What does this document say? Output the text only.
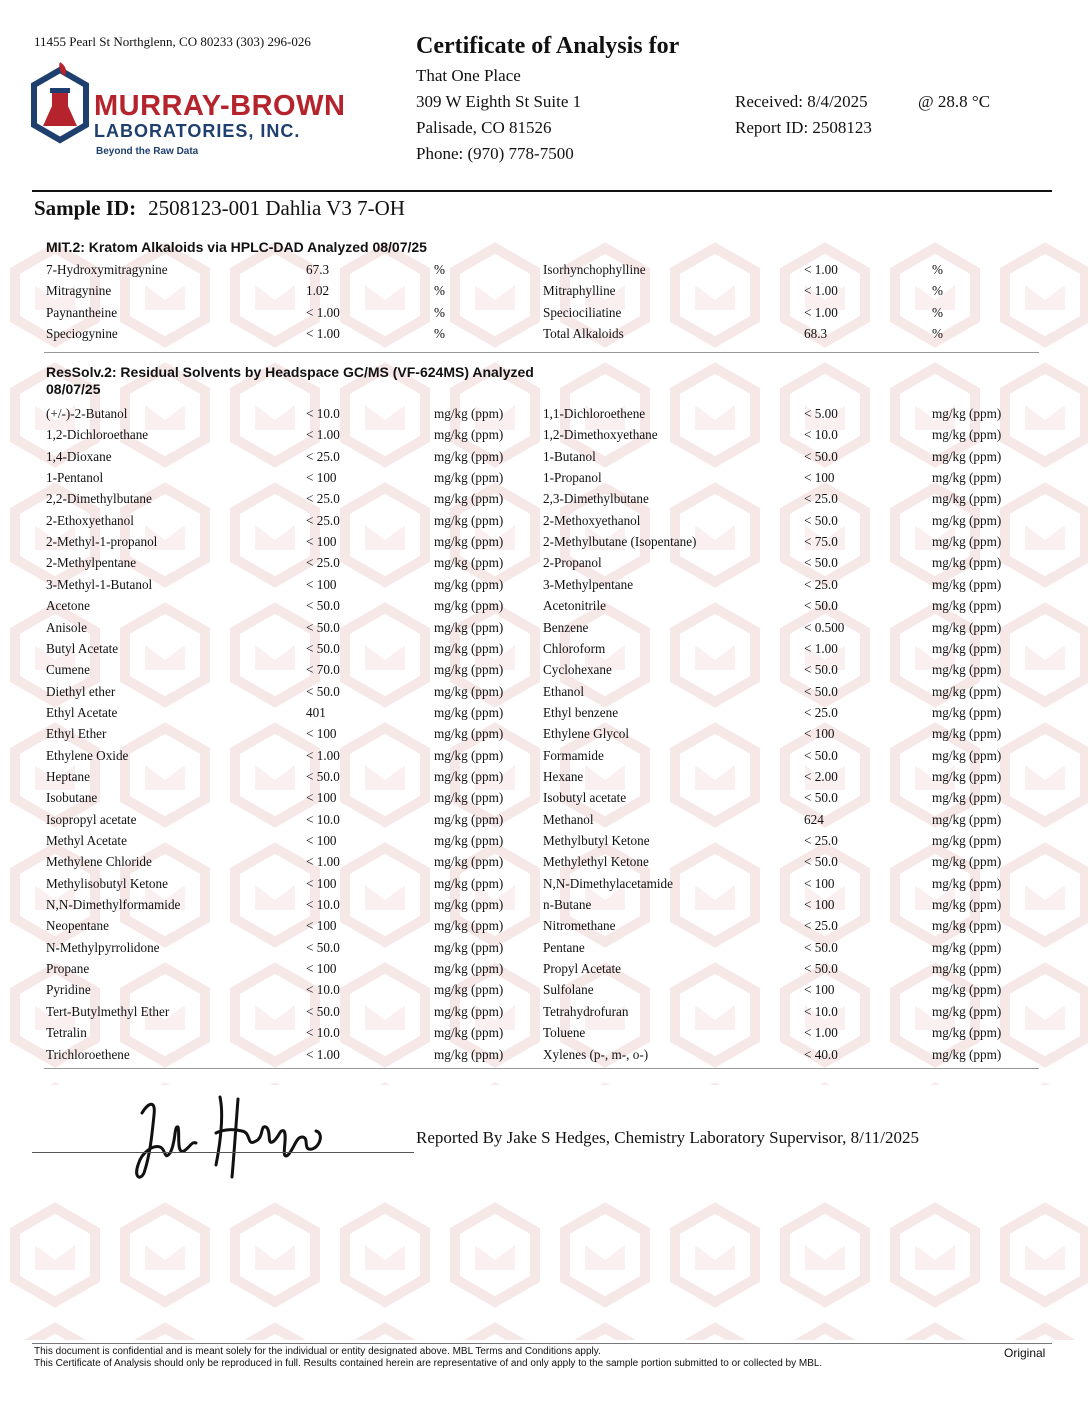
11455 Pearl St Northglenn, CO 80233 (303) 296-026
MURRAY-BROWN
LABORATORIES, INC.
Beyond the Raw Data
Certificate of Analysis for
That One Place
309 W Eighth St Suite 1
Palisade, CO 81526
Phone: (970) 778-7500
Received: 8/4/2025	@ 28.8 °C
Report ID: 2508123
Sample ID: 2508123-001 Dahlia V3 7-OH
MIT.2: Kratom Alkaloids via HPLC-DAD Analyzed 08/07/25
7-Hydroxymitragynine	67.3	%	Isorhynchophylline	< 1.00	%
Mitragynine	1.02	%	Mitraphylline	< 1.00	%
Paynantheine	< 1.00	%	Speciociliatine	< 1.00	%
Speciogynine	< 1.00	%	Total Alkaloids	68.3	%
ResSolv.2: Residual Solvents by Headspace GC/MS (VF-624MS) Analyzed 08/07/25
(+/-)-2-Butanol	< 10.0	mg/kg (ppm)	1,1-Dichloroethene	< 5.00	mg/kg (ppm)
1,2-Dichloroethane	< 1.00	mg/kg (ppm)	1,2-Dimethoxyethane	< 10.0	mg/kg (ppm)
1,4-Dioxane	< 25.0	mg/kg (ppm)	1-Butanol	< 50.0	mg/kg (ppm)
1-Pentanol	< 100	mg/kg (ppm)	1-Propanol	< 100	mg/kg (ppm)
2,2-Dimethylbutane	< 25.0	mg/kg (ppm)	2,3-Dimethylbutane	< 25.0	mg/kg (ppm)
2-Ethoxyethanol	< 25.0	mg/kg (ppm)	2-Methoxyethanol	< 50.0	mg/kg (ppm)
2-Methyl-1-propanol	< 100	mg/kg (ppm)	2-Methylbutane (Isopentane)	< 75.0	mg/kg (ppm)
2-Methylpentane	< 25.0	mg/kg (ppm)	2-Propanol	< 50.0	mg/kg (ppm)
3-Methyl-1-Butanol	< 100	mg/kg (ppm)	3-Methylpentane	< 25.0	mg/kg (ppm)
Acetone	< 50.0	mg/kg (ppm)	Acetonitrile	< 50.0	mg/kg (ppm)
Anisole	< 50.0	mg/kg (ppm)	Benzene	< 0.500	mg/kg (ppm)
Butyl Acetate	< 50.0	mg/kg (ppm)	Chloroform	< 1.00	mg/kg (ppm)
Cumene	< 70.0	mg/kg (ppm)	Cyclohexane	< 50.0	mg/kg (ppm)
Diethyl ether	< 50.0	mg/kg (ppm)	Ethanol	< 50.0	mg/kg (ppm)
Ethyl Acetate	401	mg/kg (ppm)	Ethyl benzene	< 25.0	mg/kg (ppm)
Ethyl Ether	< 100	mg/kg (ppm)	Ethylene Glycol	< 100	mg/kg (ppm)
Ethylene Oxide	< 1.00	mg/kg (ppm)	Formamide	< 50.0	mg/kg (ppm)
Heptane	< 50.0	mg/kg (ppm)	Hexane	< 2.00	mg/kg (ppm)
Isobutane	< 100	mg/kg (ppm)	Isobutyl acetate	< 50.0	mg/kg (ppm)
Isopropyl acetate	< 10.0	mg/kg (ppm)	Methanol	624	mg/kg (ppm)
Methyl Acetate	< 100	mg/kg (ppm)	Methylbutyl Ketone	< 25.0	mg/kg (ppm)
Methylene Chloride	< 1.00	mg/kg (ppm)	Methylethyl Ketone	< 50.0	mg/kg (ppm)
Methylisobutyl Ketone	< 100	mg/kg (ppm)	N,N-Dimethylacetamide	< 100	mg/kg (ppm)
N,N-Dimethylformamide	< 10.0	mg/kg (ppm)	n-Butane	< 100	mg/kg (ppm)
Neopentane	< 100	mg/kg (ppm)	Nitromethane	< 25.0	mg/kg (ppm)
N-Methylpyrrolidone	< 50.0	mg/kg (ppm)	Pentane	< 50.0	mg/kg (ppm)
Propane	< 100	mg/kg (ppm)	Propyl Acetate	< 50.0	mg/kg (ppm)
Pyridine	< 10.0	mg/kg (ppm)	Sulfolane	< 100	mg/kg (ppm)
Tert-Butylmethyl Ether	< 50.0	mg/kg (ppm)	Tetrahydrofuran	< 10.0	mg/kg (ppm)
Tetralin	< 10.0	mg/kg (ppm)	Toluene	< 1.00	mg/kg (ppm)
Trichloroethene	< 1.00	mg/kg (ppm)	Xylenes (p-, m-, o-)	< 40.0	mg/kg (ppm)
Reported By Jake S Hedges, Chemistry Laboratory Supervisor, 8/11/2025
This document is confidential and is meant solely for the individual or entity designated above. MBL Terms and Conditions apply.
This Certificate of Analysis should only be reproduced in full. Results contained herein are representative of and only apply to the sample portion submitted to or collected by MBL.
Original
